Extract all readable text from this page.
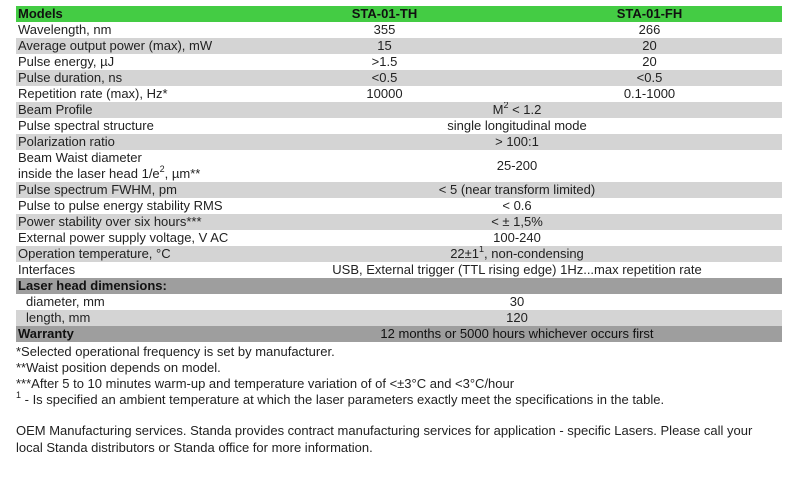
Models	STA-01-TH	STA-01-FH
Wavelength, nm	355	266
Average output power (max), mW	15	20
Pulse energy, µJ	>1.5	20
Pulse duration, ns	<0.5	<0.5
Repetition rate (max), Hz*	10000	0.1-1000
Beam Profile	$M^2 < 1.2$	
Pulse spectral structure	single longitudinal mode	
Polarization ratio	> 100:1	

Beam Waist diameter
inside the laser head $1/e^2$, µm**	25-200	
Pulse spectrum FWHM, pm	< 5 (near transform limited)	
Pulse to pulse energy stability RMS	< 0.6	
Power stability over six hours***	< ± 1,5%	
External power supply voltage, V AC	100-240	
Operation temperature, °C	$22\pm 1^1$, non-condensing	
Interfaces	USB, External trigger (TTL rising edge) 1Hz...max repetition rate	
Laser head dimensions:		
diameter, mm	30	
length, mm	120	
Warranty	12 months or 5000 hours whichever occurs first	
*Selected operational frequency is set by manufacturer.
**Waist position depends on model.
***After 5 to 10 minutes warm-up and temperature variation of of <±3°C and <3°C/hour
$^1$ - Is specified an ambient temperature at which the laser parameters exactly meet the specifications in the table.
OEM Manufacturing services. Standa provides contract manufacturing services for application - specific Lasers. Please call your local Standa distributors or Standa office for more information.
